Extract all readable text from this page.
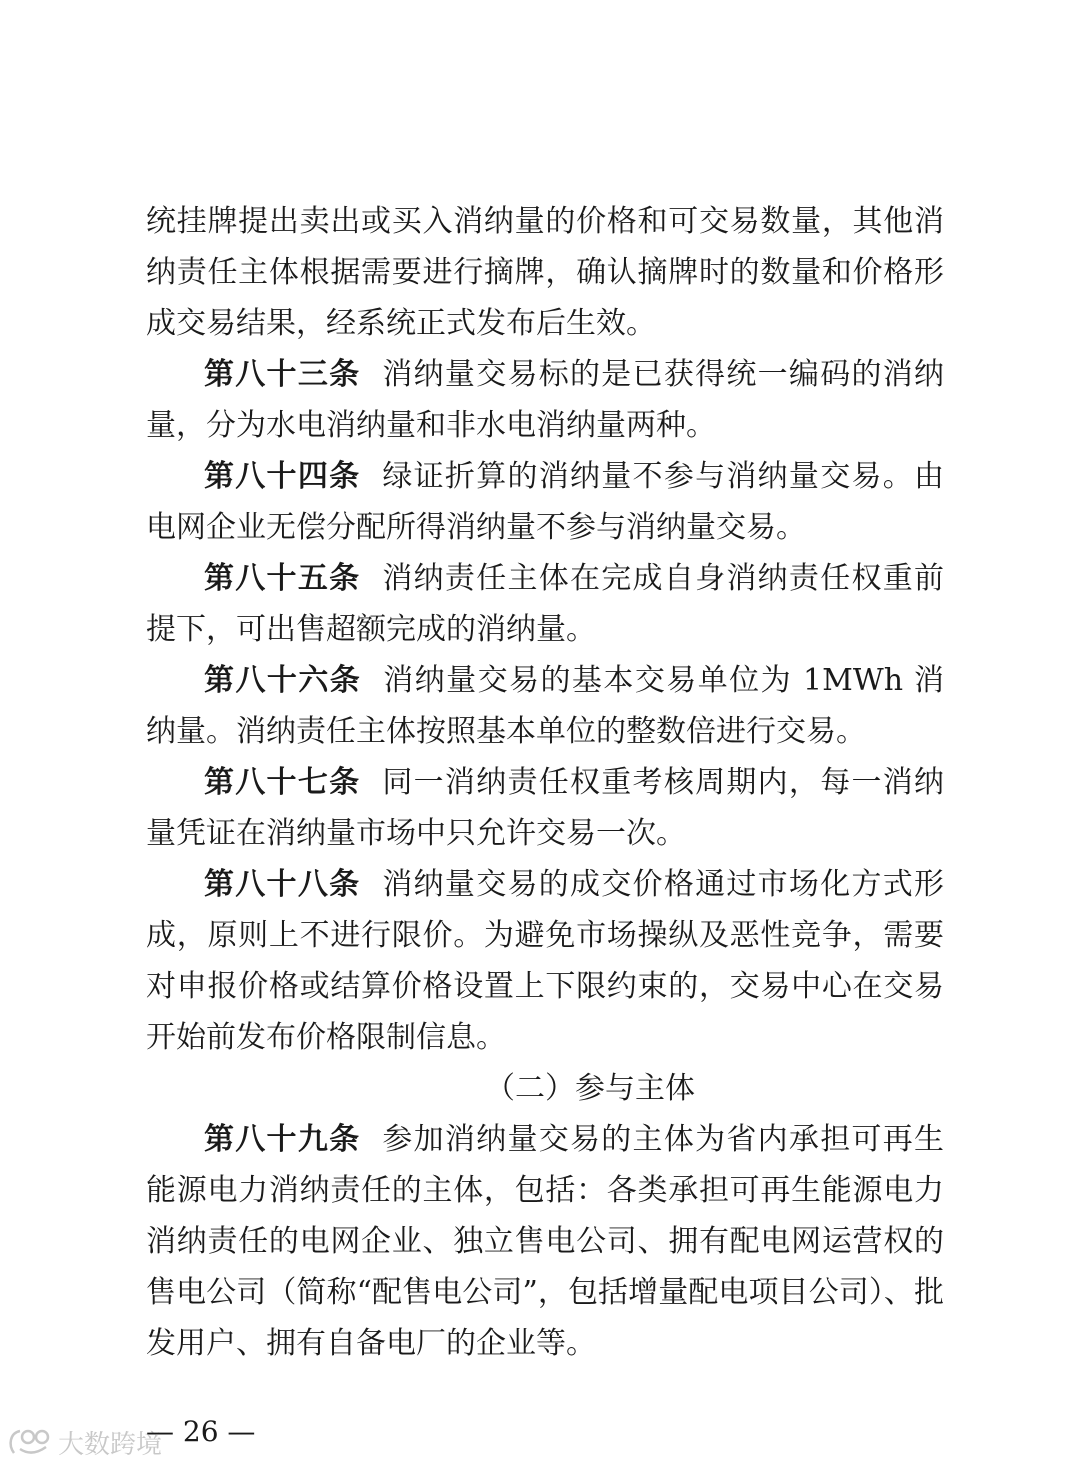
统挂牌提出卖出或买入消纳量的价格和可交易数量，其他消纳责任主体根据需要进行摘牌，确认摘牌时的数量和价格形成交易结果，经系统正式发布后生效。

第八十三条 消纳量交易标的是已获得统一编码的消纳量，分为水电消纳量和非水电消纳量两种。

第八十四条 绿证折算的消纳量不参与消纳量交易。由电网企业无偿分配所得消纳量不参与消纳量交易。

第八十五条 消纳责任主体在完成自身消纳责任权重前提下，可出售超额完成的消纳量。

第八十六条 消纳量交易的基本交易单位为 1MWh 消纳量。消纳责任主体按照基本单位的整数倍进行交易。

第八十七条 同一消纳责任权重考核周期内，每一消纳量凭证在消纳量市场中只允许交易一次。

第八十八条 消纳量交易的成交价格通过市场化方式形成，原则上不进行限价。为避免市场操纵及恶性竞争，需要对申报价格或结算价格设置上下限约束的，交易中心在交易开始前发布价格限制信息。

（二）参与主体

第八十九条 参加消纳量交易的主体为省内承担可再生能源电力消纳责任的主体，包括：各类承担可再生能源电力消纳责任的电网企业、独立售电公司、拥有配电网运营权的售电公司（简称“配售电公司”，包括增量配电项目公司）、批发用户、拥有自备电厂的企业等。

大数跨境
— 26 —
